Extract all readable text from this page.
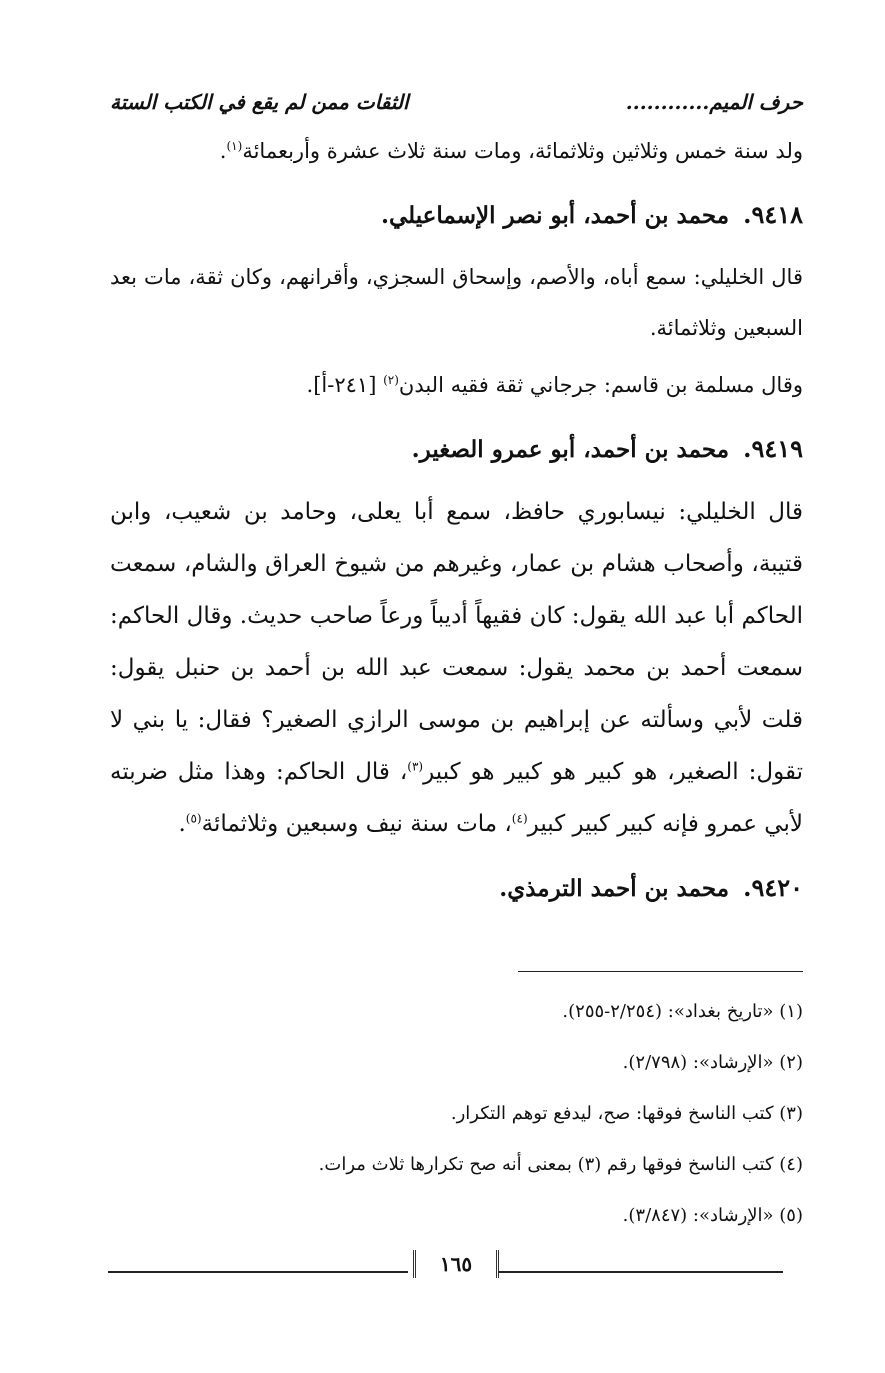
حرف الميم............
الثقات ممن لم يقع في الكتب الستة

ولد سنة خمس وثلاثين وثلاثمائة، ومات سنة ثلاث عشرة وأربعمائة$^{(١)}$.

٩٤١٨.محمد بن أحمد، أبو نصر الإسماعيلي.

قال الخليلي: سمع أباه، والأصم، وإسحاق السجزي، وأقرانهم، وكان ثقة، مات بعد السبعين وثلاثمائة.

وقال مسلمة بن قاسم: جرجاني ثقة فقيه البدن$^{(٢)}$ [٢٤١-أ].

٩٤١٩.محمد بن أحمد، أبو عمرو الصغير.

قال الخليلي: نيسابوري حافظ، سمع أبا يعلى، وحامد بن شعيب، وابن قتيبة، وأصحاب هشام بن عمار، وغيرهم من شيوخ العراق والشام، سمعت الحاكم أبا عبد الله يقول: كان فقيهاً أديباً ورعاً صاحب حديث. وقال الحاكم: سمعت أحمد بن محمد يقول: سمعت عبد الله بن أحمد بن حنبل يقول: قلت لأبي وسألته عن إبراهيم بن موسى الرازي الصغير؟ فقال: يا بني لا تقول: الصغير، هو كبير هو كبير هو كبير$^{(٣)}$، قال الحاكم: وهذا مثل ضربته لأبي عمرو فإنه كبير كبير كبير$^{(٤)}$، مات سنة نيف وسبعين وثلاثمائة$^{(٥)}$.

٩٤٢٠.محمد بن أحمد الترمذي.
(١) «تاريخ بغداد»: (٢/٢٥٤-٢٥٥).
(٢) «الإرشاد»: (٢/٧٩٨).
(٣) كتب الناسخ فوقها: صح، ليدفع توهم التكرار.
(٤) كتب الناسخ فوقها رقم (٣) بمعنى أنه صح تكرارها ثلاث مرات.
(٥) «الإرشاد»: (٣/٨٤٧).
١٦٥
